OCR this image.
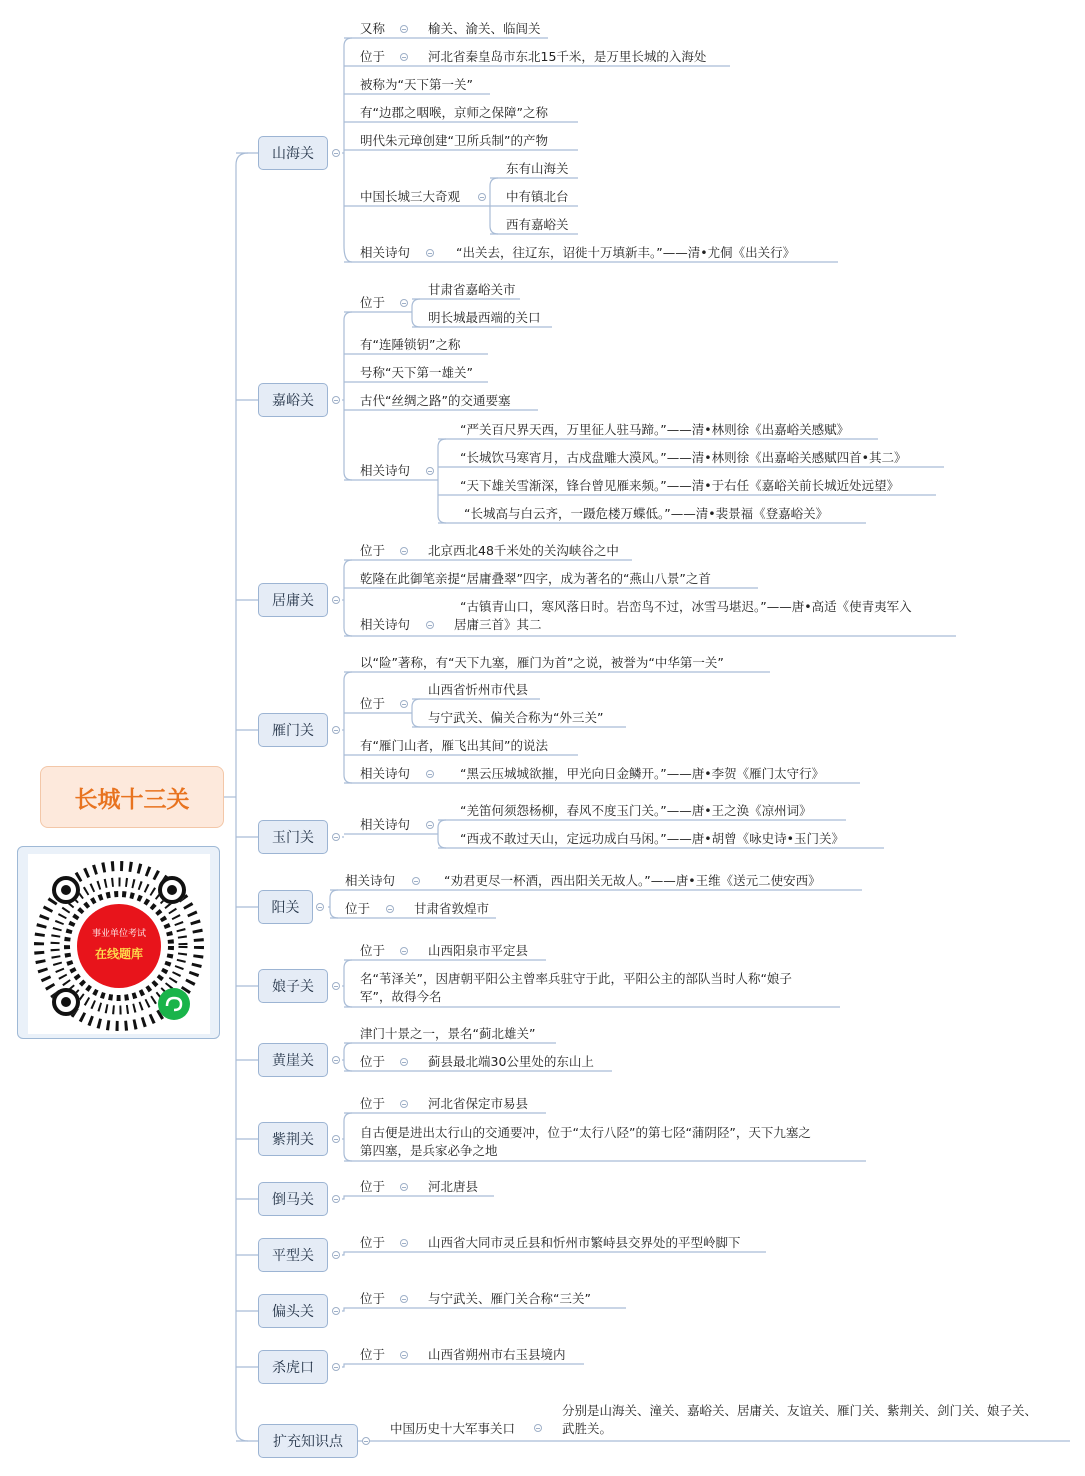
长城十三关
事业单位考试
在线题库
山海关
嘉峪关
居庸关
雁门关
玉门关
阳关
娘子关
黄崖关
紫荆关
倒马关
平型关
偏头关
杀虎口
扩充知识点
又称	榆关、渝关、临闾关
位于	河北省秦皇岛市东北15千米，是万里长城的入海处
被称为“天下第一关”
有“边郡之咽喉，京师之保障”之称
明代朱元璋创建“卫所兵制”的产物
中国长城三大奇观
东有山海关
中有镇北台
西有嘉峪关
相关诗句	“出关去，往辽东，诏徙十万填新丰。”——清•尤侗《出关行》
位于
甘肃省嘉峪关市
明长城最西端的关口
有“连陲锁钥”之称
号称“天下第一雄关”
古代“丝绸之路”的交通要塞
相关诗句
“严关百尺界天西，万里征人驻马蹄。”——清•林则徐《出嘉峪关感赋》
“长城饮马寒宵月，古戍盘雕大漠风。”——清•林则徐《出嘉峪关感赋四首•其二》
“天下雄关雪渐深，锋台曾见雁来频。”——清•于右任《嘉峪关前长城近处远望》
“长城高与白云齐，一蹑危楼万蝶低。”——清•裴景福《登嘉峪关》
位于	北京西北48千米处的关沟峡谷之中
乾隆在此御笔亲提“居庸叠翠”四字，成为著名的“燕山八景”之首
相关诗句
“古镇青山口，寒风落日时。岩峦鸟不过，冰雪马堪迟。”——唐•高适《使青夷军入
居庸三首》其二
以“险”著称，有“天下九塞，雁门为首”之说，被誉为“中华第一关”
位于
山西省忻州市代县
与宁武关、偏关合称为“外三关”
有“雁门山者，雁飞出其间”的说法
相关诗句	“黑云压城城欲摧，甲光向日金鳞开。”——唐•李贺《雁门太守行》
相关诗句
“羌笛何须怨杨柳，春风不度玉门关。”——唐•王之涣《凉州词》
“西戎不敢过天山，定远功成白马闲。”——唐•胡曾《咏史诗•玉门关》
相关诗句	“劝君更尽一杯酒，西出阳关无故人。”——唐•王维《送元二使安西》
位于	甘肃省敦煌市
位于	山西阳泉市平定县
名“苇泽关”，因唐朝平阳公主曾率兵驻守于此，平阳公主的部队当时人称“娘子
军”，故得今名
津门十景之一，景名“蓟北雄关”
位于	蓟县最北端30公里处的东山上
位于	河北省保定市易县
自古便是进出太行山的交通要冲，位于“太行八陉”的第七陉“蒲阴陉”，天下九塞之
第四塞，是兵家必争之地
位于	河北唐县
位于	山西省大同市灵丘县和忻州市繁峙县交界处的平型岭脚下
位于	与宁武关、雁门关合称“三关”
位于	山西省朔州市右玉县境内
中国历史十大军事关口
分别是山海关、潼关、嘉峪关、居庸关、友谊关、雁门关、紫荆关、剑门关、娘子关、
武胜关。
